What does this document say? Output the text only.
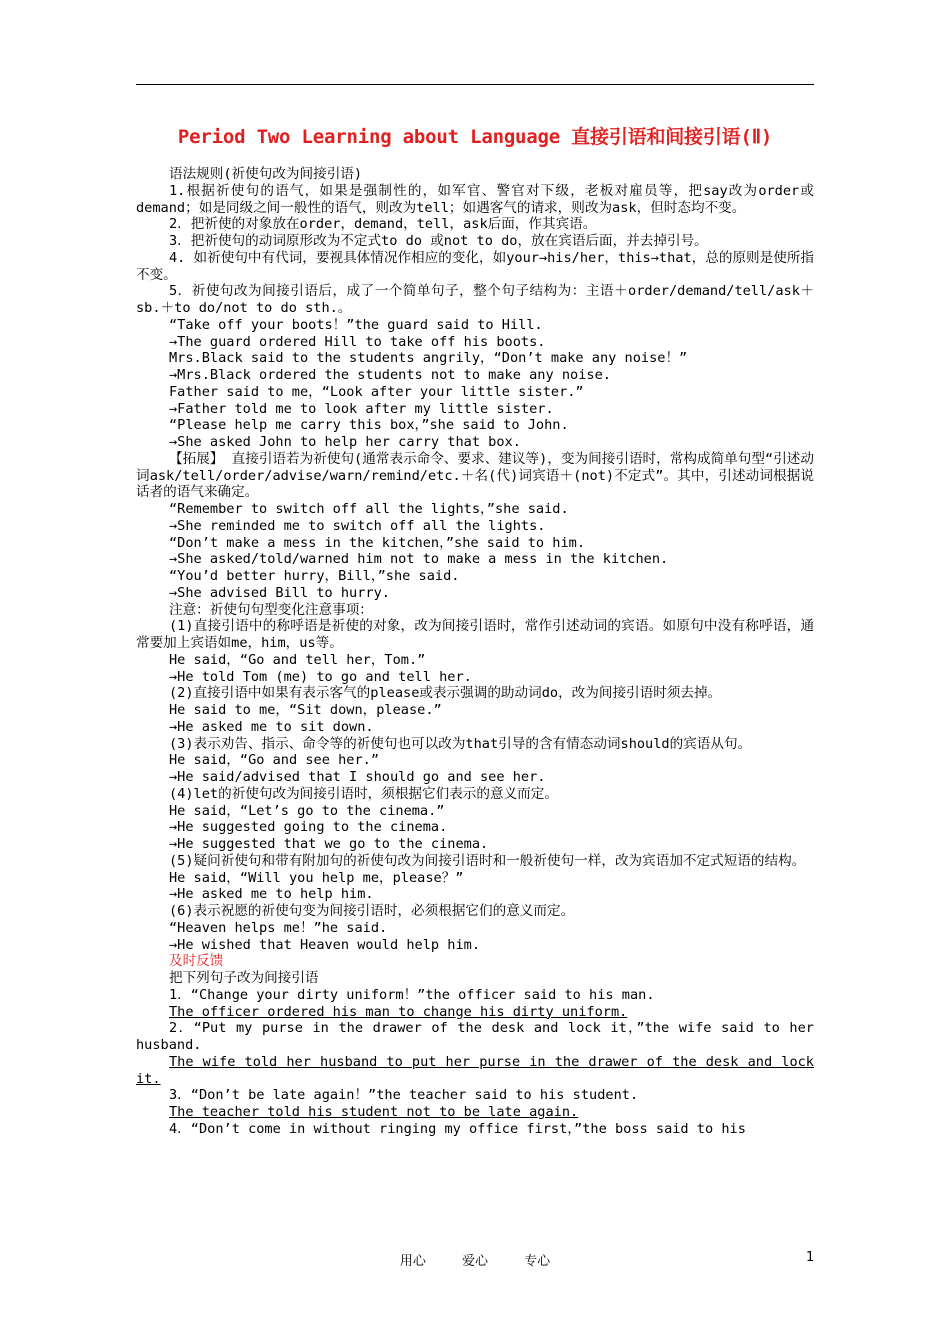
Period Two Learning about Language 直接引语和间接引语(Ⅱ)
语法规则(祈使句改为间接引语)
1.根据祈使句的语气，如果是强制性的，如军官、警官对下级，老板对雇员等，把say改为order或demand；如是同级之间一般性的语气，则改为tell；如遇客气的请求，则改为ask，但时态均不变。
2．把祈使的对象放在order，demand，tell，ask后面，作其宾语。
3．把祈使句的动词原形改为不定式to do 或not to do，放在宾语后面，并去掉引号。
4. 如祈使句中有代词，要视具体情况作相应的变化，如your→his/her，this→that，总的原则是使所指不变。
5．祈使句改为间接引语后，成了一个简单句子，整个句子结构为：主语＋order/demand/tell/ask＋sb.＋to do/not to do sth.。
“Take off your boots！”the guard said to Hill.
→The guard ordered Hill to take off his boots.
Mrs.Black said to the students angrily，“Don’t make any noise！”
→Mrs.Black ordered the students not to make any noise.
Father said to me，“Look after your little sister.”
→Father told me to look after my little sister.
“Please help me carry this box，”she said to John.
→She asked John to help her carry that box.
【拓展】 直接引语若为祈使句(通常表示命令、要求、建议等)，变为间接引语时，常构成简单句型“引述动词ask/tell/order/advise/warn/remind/etc.＋名(代)词宾语＋(not)不定式”。其中，引述动词根据说话者的语气来确定。
“Remember to switch off all the lights，”she said.
→She reminded me to switch off all the lights.
“Don’t make a mess in the kitchen，”she said to him.
→She asked/told/warned him not to make a mess in the kitchen.
“You’d better hurry，Bill，”she said.
→She advised Bill to hurry.
注意：祈使句句型变化注意事项：
(1)直接引语中的称呼语是祈使的对象，改为间接引语时，常作引述动词的宾语。如原句中没有称呼语，通常要加上宾语如me，him，us等。
He said，“Go and tell her，Tom.”
→He told Tom (me) to go and tell her.
(2)直接引语中如果有表示客气的please或表示强调的助动词do，改为间接引语时须去掉。
He said to me，“Sit down，please.”
→He asked me to sit down.
(3)表示劝告、指示、命令等的祈使句也可以改为that引导的含有情态动词should的宾语从句。
He said，“Go and see her.”
→He said/advised that I should go and see her.
(4)let的祈使句改为间接引语时，须根据它们表示的意义而定。
He said，“Let’s go to the cinema.”
→He suggested going to the cinema.
→He suggested that we go to the cinema.
(5)疑问祈使句和带有附加句的祈使句改为间接引语时和一般祈使句一样，改为宾语加不定式短语的结构。
He said，“Will you help me，please？”
→He asked me to help him.
(6)表示祝愿的祈使句变为间接引语时，必须根据它们的意义而定。
“Heaven helps me！”he said.
→He wished that Heaven would help him.
及时反馈
把下列句子改为间接引语
1．“Change your dirty uniform！”the officer said to his man.
The officer ordered his man to change his dirty uniform.
2．“Put my purse in the drawer of the desk and lock it，”the wife said to her husband.
The wife told her husband to put her purse in the drawer of the desk and lock it.
3．“Don’t be late again！”the teacher said to his student.
The teacher told his student not to be late again.
4．“Don’t come in without ringing my office first，”the boss said to his
用心	爱心	专心	1
